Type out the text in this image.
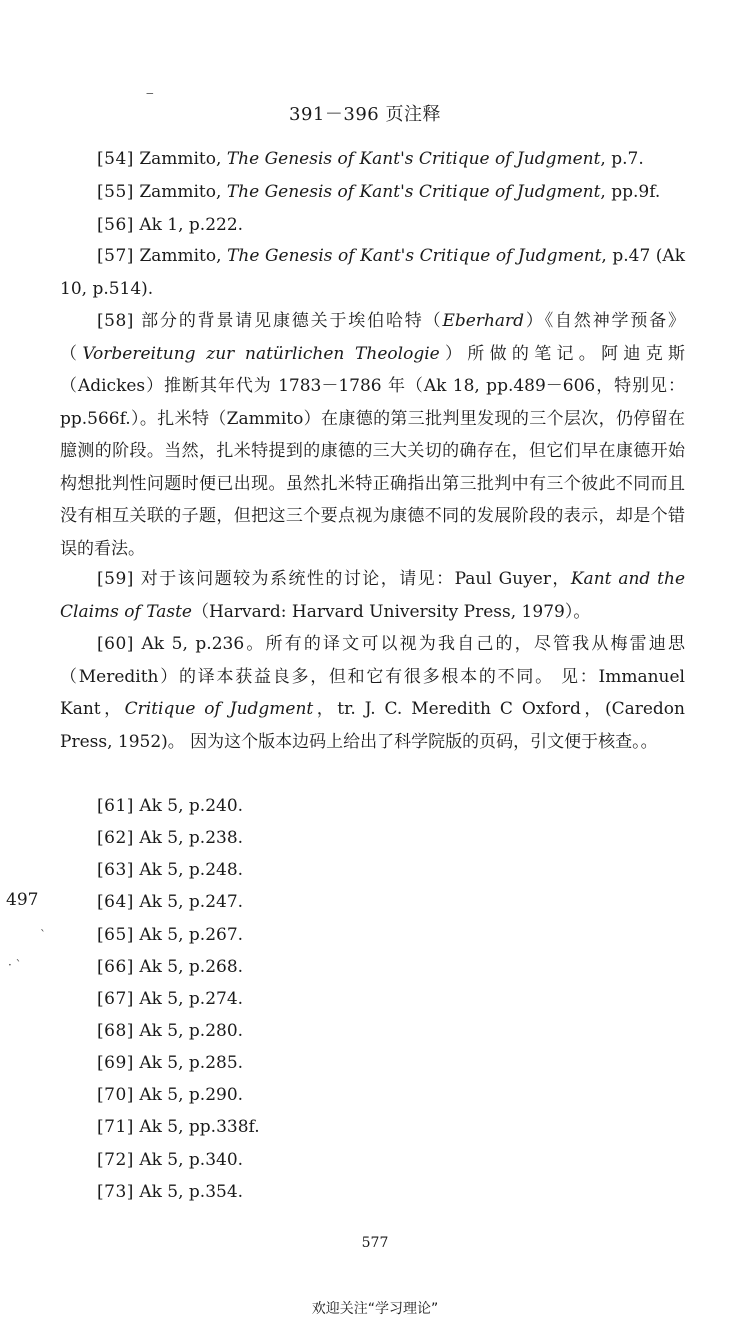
391－396 页注释
‒
`
· `
[54] Zammito, The Genesis of Kant's Critique of Judgment, p.7.
[55] Zammito, The Genesis of Kant's Critique of Judgment, pp.9f.
[56] Ak 1, p.222.
[57] Zammito, The Genesis of Kant's Critique of Judgment, p.47 (Ak 10, p.514).
[58] 部分的背景请见康德关于埃伯哈特（Eberhard）《自然神学预备》（Vorbereitung zur natürlichen Theologie）所做的笔记。阿迪克斯（Adickes）推断其年代为 1783－1786 年（Ak 18, pp.489－606，特别见：pp.566f.）。扎米特（Zammito）在康德的第三批判里发现的三个层次，仍停留在臆测的阶段。当然，扎米特提到的康德的三大关切的确存在，但它们早在康德开始构想批判性问题时便已出现。虽然扎米特正确指出第三批判中有三个彼此不同而且没有相互关联的子题，但把这三个要点视为康德不同的发展阶段的表示，却是个错误的看法。
[59] 对于该问题较为系统性的讨论，请见：Paul Guyer，Kant and the Claims of Taste（Harvard: Harvard University Press, 1979）。
[60] Ak 5, p.236。所有的译文可以视为我自己的，尽管我从梅雷迪思（Meredith）的译本获益良多，但和它有很多根本的不同。 见：Immanuel Kant，Critique of Judgment，tr. J. C. Meredith C Oxford，(Caredon Press, 1952)。 因为这个版本边码上给出了科学院版的页码，引文便于核查。。
[61] Ak 5, p.240.
[62] Ak 5, p.238.
[63] Ak 5, p.248.
[64] Ak 5, p.247.
[65] Ak 5, p.267.
[66] Ak 5, p.268.
[67] Ak 5, p.274.
[68] Ak 5, p.280.
[69] Ak 5, p.285.
[70] Ak 5, p.290.
[71] Ak 5, pp.338f.
[72] Ak 5, p.340.
[73] Ak 5, p.354.
497
577
欢迎关注“学习理论”
